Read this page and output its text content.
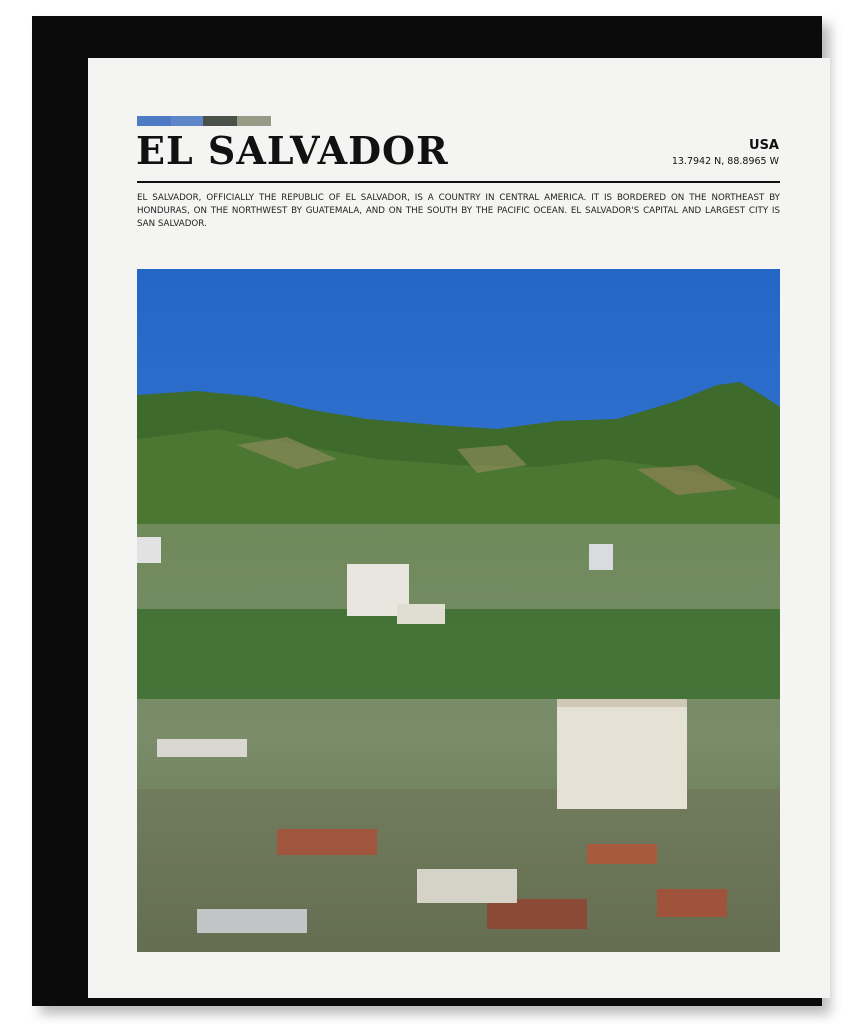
EL SALVADOR	USA
13.7942 N, 88.8965 W

EL SALVADOR, OFFICIALLY THE REPUBLIC OF EL SALVADOR, IS A COUNTRY IN CENTRAL AMERICA. IT IS BORDERED ON THE NORTHEAST BY HONDURAS, ON THE NORTHWEST BY GUATEMALA, AND ON THE SOUTH BY THE PACIFIC OCEAN. EL SALVADOR'S CAPITAL AND LARGEST CITY IS SAN SALVADOR.
